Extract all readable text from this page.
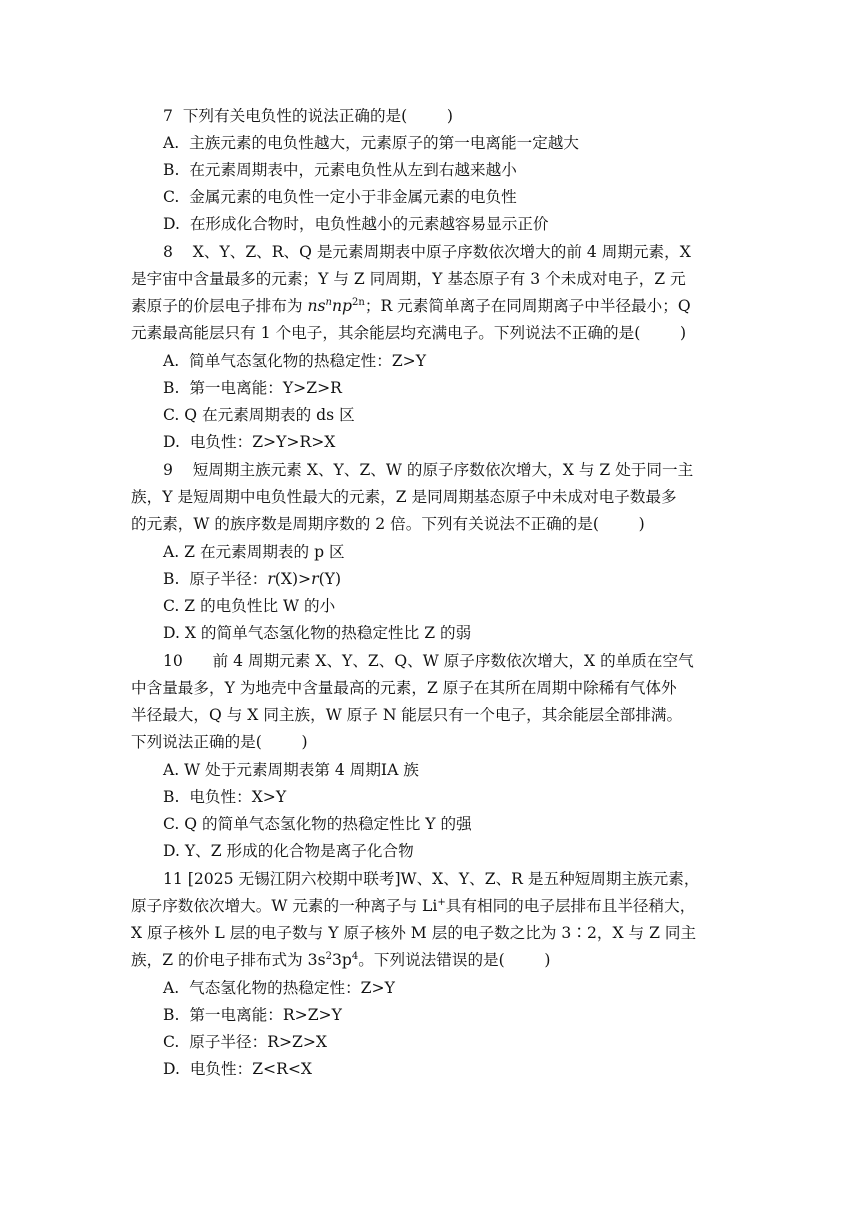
7  下列有关电负性的说法正确的是(        )
A.  主族元素的电负性越大，元素原子的第一电离能一定越大
B.  在元素周期表中，元素电负性从左到右越来越小
C.  金属元素的电负性一定小于非金属元素的电负性
D.  在形成化合物时，电负性越小的元素越容易显示正价
8    X、Y、Z、R、Q 是元素周期表中原子序数依次增大的前 4 周期元素，X
是宇宙中含量最多的元素；Y 与 Z 同周期，Y 基态原子有 3 个未成对电子，Z 元
素原子的价层电子排布为 $ns^nnp^{2n}$；R 元素简单离子在同周期离子中半径最小；Q
元素最高能层只有 1 个电子，其余能层均充满电子。下列说法不正确的是(        )
A.  简单气态氢化物的热稳定性：Z>Y
B.  第一电离能：Y>Z>R
C. Q 在元素周期表的 ds 区
D.  电负性：Z>Y>R>X
9    短周期主族元素 X、Y、Z、W 的原子序数依次增大，X 与 Z 处于同一主
族，Y 是短周期中电负性最大的元素，Z 是同周期基态原子中未成对电子数最多
的元素，W 的族序数是周期序数的 2 倍。下列有关说法不正确的是(        )
A. Z 在元素周期表的 p 区
B.  原子半径：r(X)>r(Y)
C. Z 的电负性比 W 的小
D. X 的简单气态氢化物的热稳定性比 Z 的弱
10      前 4 周期元素 X、Y、Z、Q、W 原子序数依次增大，X 的单质在空气
中含量最多，Y 为地壳中含量最高的元素，Z 原子在其所在周期中除稀有气体外
半径最大，Q 与 X 同主族，W 原子 N 能层只有一个电子，其余能层全部排满。
下列说法正确的是(        )
A. W 处于元素周期表第 4 周期ⅠA 族
B.  电负性：X>Y
C. Q 的简单气态氢化物的热稳定性比 Y 的强
D. Y、Z 形成的化合物是离子化合物
11 [2025 无锡江阴六校期中联考]W、X、Y、Z、R 是五种短周期主族元素，
原子序数依次增大。W 元素的一种离子与 Li+具有相同的电子层排布且半径稍大，
X 原子核外 L 层的电子数与 Y 原子核外 M 层的电子数之比为 3∶2，X 与 Z 同主
族，Z 的价电子排布式为 $3s^23p^4$。下列说法错误的是(        )
A.  气态氢化物的热稳定性：Z>Y
B.  第一电离能：R>Z>Y
C.  原子半径：R>Z>X
D.  电负性：Z<R<X
